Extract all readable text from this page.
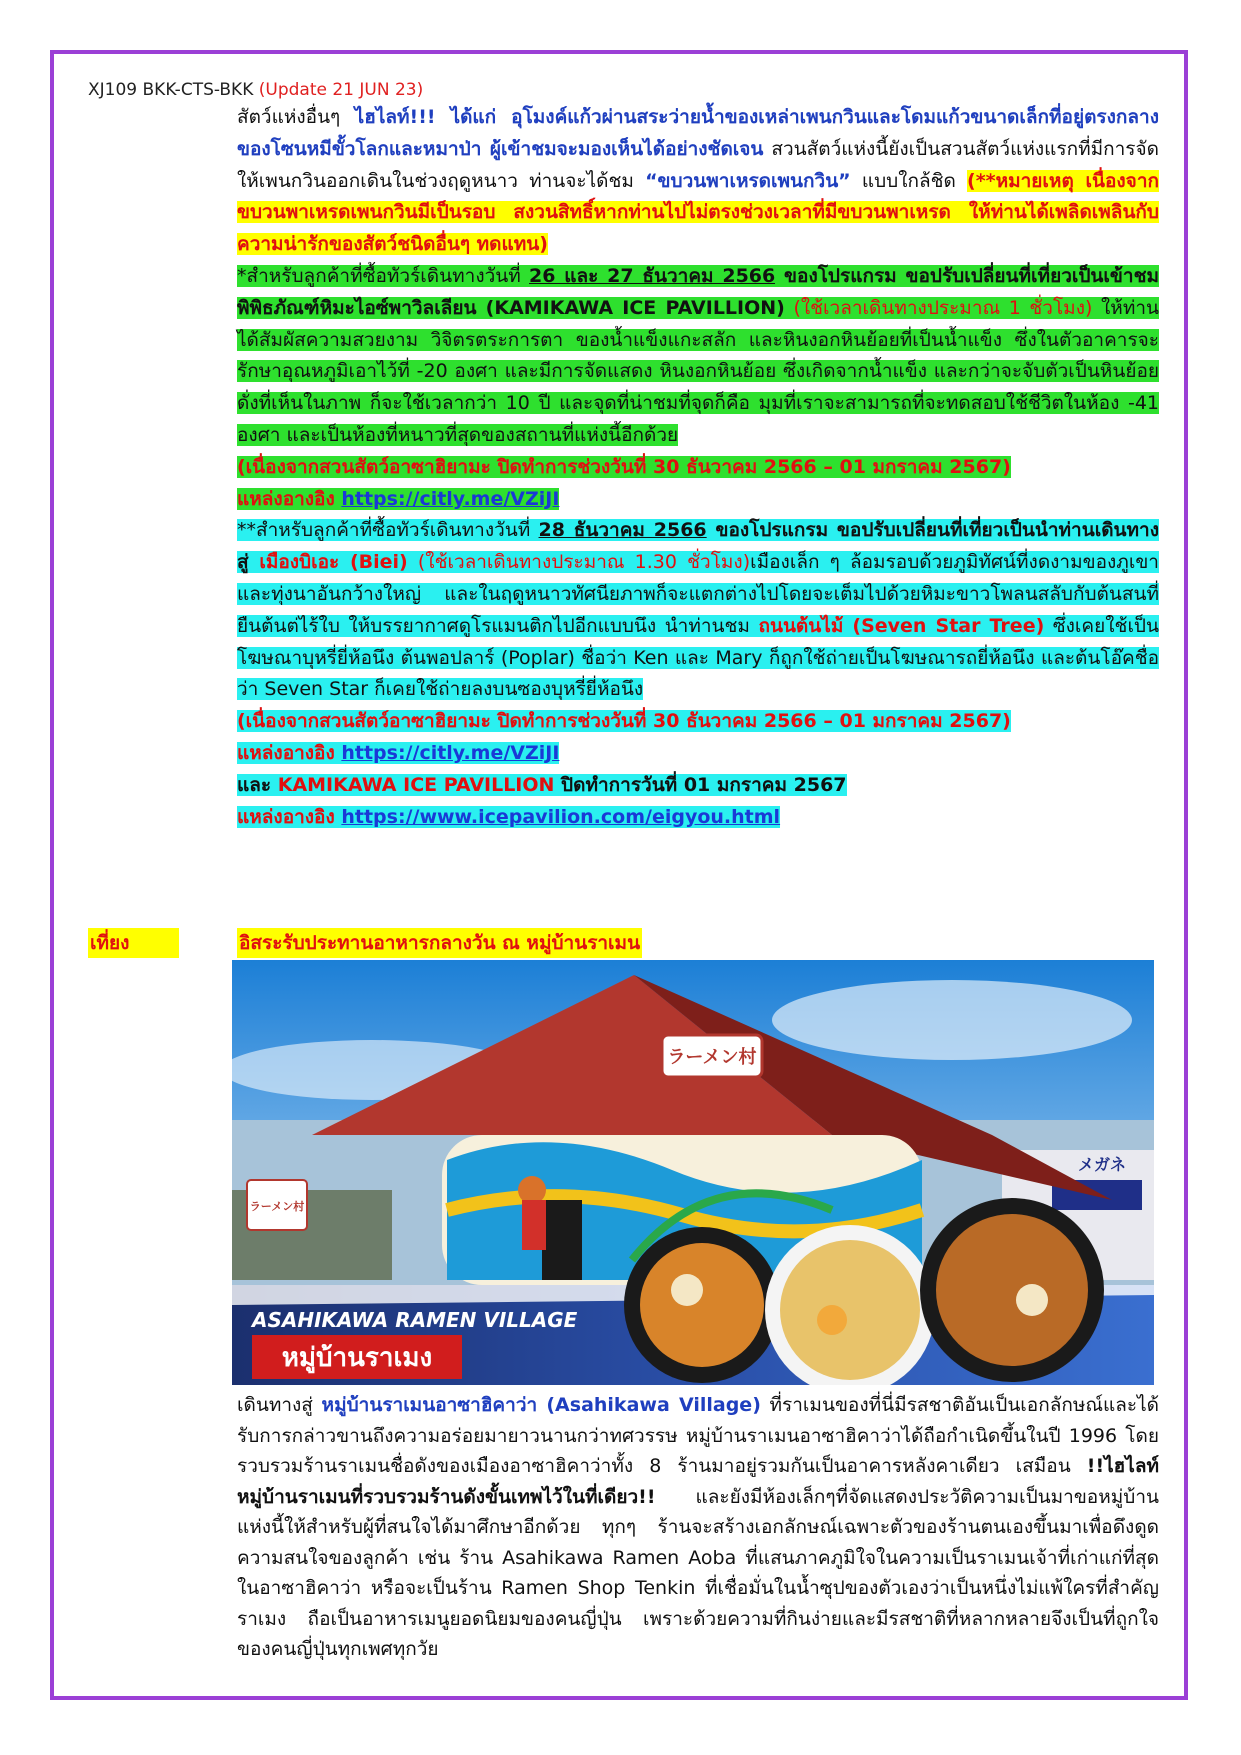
XJ109 BKK-CTS-BKK (Update 21 JUN 23)
สัตว์แห่งอื่นๆ ไฮไลท์!!! ได้แก่ อุโมงค์แก้วผ่านสระว่ายน้ำของเหล่าเพนกวินและโดมแก้วขนาดเล็กที่อยู่ตรงกลางของโซนหมีขั้วโลกและหมาป่า ผู้เข้าชมจะมองเห็นได้อย่างชัดเจน สวนสัตว์แห่งนี้ยังเป็นสวนสัตว์แห่งแรกที่มีการจัดให้เพนกวินออกเดินในช่วงฤดูหนาว ท่านจะได้ชม “ขบวนพาเหรดเพนกวิน” แบบใกล้ชิด (**หมายเหตุ เนื่องจากขบวนพาเหรดเพนกวินมีเป็นรอบ สงวนสิทธิ์หากท่านไปไม่ตรงช่วงเวลาที่มีขบวนพาเหรด ให้ท่านได้เพลิดเพลินกับความน่ารักของสัตว์ชนิดอื่นๆ ทดแทน)
*สำหรับลูกค้าที่ซื้อทัวร์เดินทางวันที่ 26 และ 27 ธันวาคม 2566 ของโปรแกรม ขอปรับเปลี่ยนที่เที่ยวเป็นเข้าชม พิพิธภัณฑ์หิมะไอซ์พาวิลเลียน (KAMIKAWA ICE PAVILLION) (ใช้เวลาเดินทางประมาณ 1 ชั่วโมง) ให้ท่านได้สัมผัสความสวยงาม วิจิตรตระการตา ของน้ำแข็งแกะสลัก และหินงอกหินย้อยที่เป็นน้ำแข็ง ซึ่งในตัวอาคารจะรักษาอุณหภูมิเอาไว้ที่ -20 องศา และมีการจัดแสดง หินงอกหินย้อย ซึ่งเกิดจากน้ำแข็ง และกว่าจะจับตัวเป็นหินย้อยดั่งที่เห็นในภาพ ก็จะใช้เวลากว่า 10 ปี และจุดที่น่าชมที่จุดก็คือ มุมที่เราจะสามารถที่จะทดสอบใช้ชีวิตในห้อง -41 องศา และเป็นห้องที่หนาวที่สุดของสถานที่แห่งนี้อีกด้วย
(เนื่องจากสวนสัตว์อาซาฮิยามะ ปิดทำการช่วงวันที่ 30 ธันวาคม 2566 – 01 มกราคม 2567)
แหล่งอางอิง https://citly.me/VZiJI
**สำหรับลูกค้าที่ซื้อทัวร์เดินทางวันที่ 28 ธันวาคม 2566 ของโปรแกรม ขอปรับเปลี่ยนที่เที่ยวเป็นนำท่านเดินทางสู่ เมืองบิเอะ (Biei) (ใช้เวลาเดินทางประมาณ 1.30 ชั่วโมง)เมืองเล็ก ๆ ล้อมรอบด้วยภูมิทัศน์ที่งดงามของภูเขาและทุ่งนาอันกว้างใหญ่ และในฤดูหนาวทัศนียภาพก็จะแตกต่างไปโดยจะเต็มไปด้วยหิมะขาวโพลนสลับกับต้นสนที่ยืนต้นต่ไร้ใบ ให้บรรยากาศดูโรแมนติกไปอีกแบบนึง นำท่านชม ถนนต้นไม้ (Seven Star Tree) ซึ่งเคยใช้เป็นโฆษณาบุหรี่ยี่ห้อนึง ต้นพอปลาร์ (Poplar) ชื่อว่า Ken และ Mary ก็ถูกใช้ถ่ายเป็นโฆษณารถยี่ห้อนึง และต้นโอ๊คชื่อว่า Seven Star ก็เคยใช้ถ่ายลงบนซองบุหรี่ยี่ห้อนึง
(เนื่องจากสวนสัตว์อาซาฮิยามะ ปิดทำการช่วงวันที่ 30 ธันวาคม 2566 – 01 มกราคม 2567)
แหล่งอางอิง https://citly.me/VZiJI
และ KAMIKAWA ICE PAVILLION ปิดทำการวันที่ 01 มกราคม 2567
แหล่งอางอิง https://www.icepavilion.com/eigyou.html
เที่ยง	อิสระรับประทานอาหารกลางวัน ณ หมู่บ้านราเมน
ラーメン村
ラーメン村
メガネ
ASAHIKAWA RAMEN VILLAGE
หมู่บ้านราเมง
เดินทางสู่ หมู่บ้านราเมนอาซาฮิคาว่า (Asahikawa Village) ที่ราเมนของที่นี่มีรสชาติอันเป็นเอกลักษณ์และได้รับการกล่าวขานถึงความอร่อยมายาวนานกว่าทศวรรษ หมู่บ้านราเมนอาซาฮิคาว่าได้ถือกำเนิดขึ้นในปี 1996 โดยรวบรวมร้านราเมนชื่อดังของเมืองอาซาฮิคาว่าทั้ง 8 ร้านมาอยู่รวมกันเป็นอาคารหลังคาเดียว เสมือน !!ไฮไลท์ หมู่บ้านราเมนที่รวบรวมร้านดังขั้นเทพไว้ในที่เดียว!! และยังมีห้องเล็กๆที่จัดแสดงประวัติความเป็นมาขอหมู่บ้านแห่งนี้ให้สำหรับผู้ที่สนใจได้มาศึกษาอีกด้วย ทุกๆ ร้านจะสร้างเอกลักษณ์เฉพาะตัวของร้านตนเองขึ้นมาเพื่อดึงดูดความสนใจของลูกค้า เช่น ร้าน Asahikawa Ramen Aoba ที่แสนภาคภูมิใจในความเป็นราเมนเจ้าที่เก่าแก่ที่สุดในอาซาฮิคาว่า หรือจะเป็นร้าน Ramen Shop Tenkin ที่เชื่อมั่นในน้ำซุปของตัวเองว่าเป็นหนึ่งไม่แพ้ใครที่สำคัญ ราเมง ถือเป็นอาหารเมนูยอดนิยมของคนญี่ปุ่น เพราะด้วยความที่กินง่ายและมีรสชาติที่หลากหลายจึงเป็นที่ถูกใจของคนญี่ปุ่นทุกเพศทุกวัย
